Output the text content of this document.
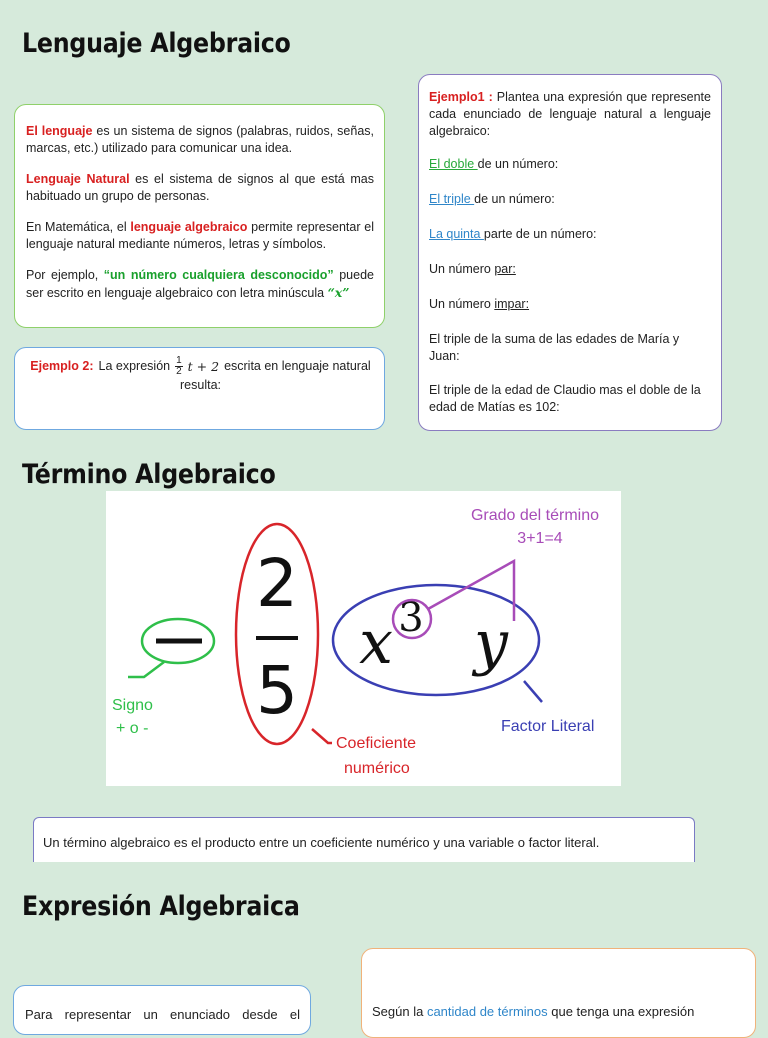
Lenguaje Algebraico
Término Algebraico
Expresión Algebraica

El lenguaje es un sistema de signos (palabras, ruidos, señas, marcas, etc.) utilizado para comunicar una idea.

Lenguaje Natural es el sistema de signos al que está mas habituado un grupo de personas.

En Matemática, el lenguaje algebraico permite representar el lenguaje natural mediante números, letras y símbolos.

Por ejemplo, “un número cualquiera desconocido” puede ser escrito en lenguaje algebraico con letra minúscula “x”

Ejemplo 2: La expresión $\frac{1}{2}$ t + 2 escrita en lenguaje natural
resulta:

Ejemplo1 : Plantea una expresión que represente cada enunciado de lenguaje natural a lenguaje algebraico:

El doble de un número:

El triple de un número:

La quinta parte de un número:

Un número par:

Un número impar:

El triple de la suma de las edades de María y Juan:

El triple de la edad de Claudio mas el doble de la edad de Matías es 102:

2
5
x 3 y
Grado del término
3+1=4
Signo
+ o -	Factor Literal
Coeficiente
numérico
Un término algebraico es el producto entre un coeficiente numérico y una variable o factor literal.
Para representar un enunciado desde el	Según la cantidad de términos que tenga una expresión
